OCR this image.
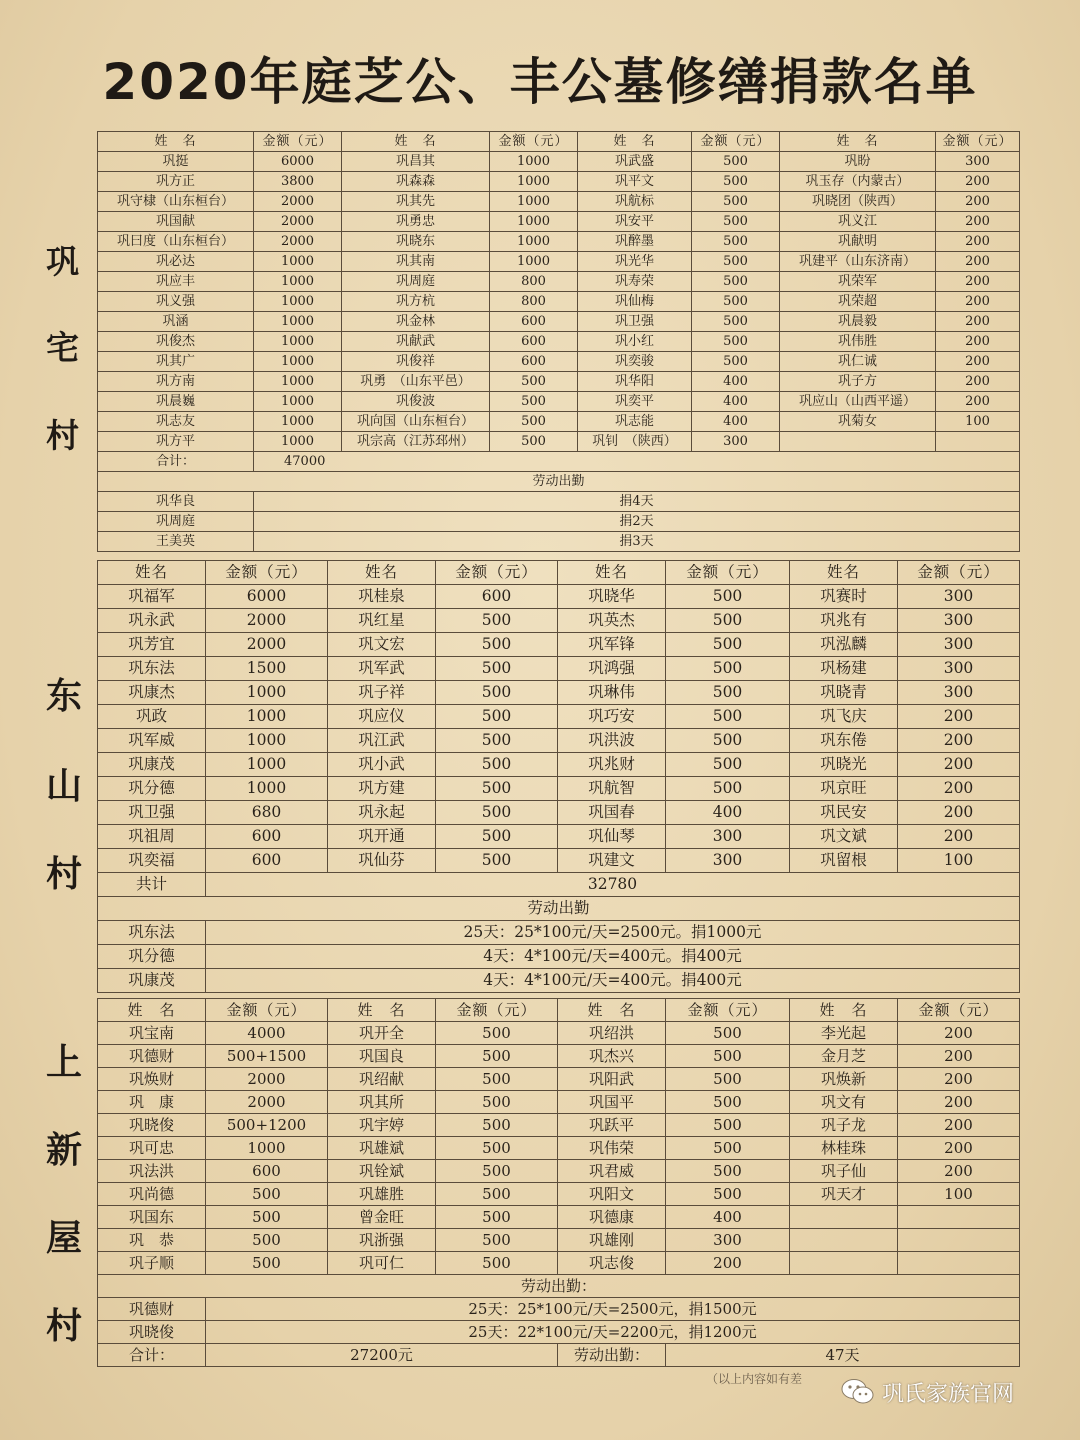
2020年庭芝公、丰公墓修缮捐款名单
巩
宅
村
东
山
村
上
新
屋
村
姓　名	金额（元）	姓　名	金额（元）	姓　名	金额（元）	姓　名	金额（元）
巩挺	6000	巩昌其	1000	巩武盛	500	巩盼	300
巩方正	3800	巩森森	1000	巩平文	500	巩玉存（内蒙古）	200
巩守棣（山东桓台）	2000	巩其先	1000	巩航标	500	巩晓团（陕西）	200
巩国献	2000	巩勇忠	1000	巩安平	500	巩义江	200
巩曰度（山东桓台）	2000	巩晓东	1000	巩醉墨	500	巩献明	200
巩必达	1000	巩其南	1000	巩光华	500	巩建平（山东济南）	200
巩应丰	1000	巩周庭	800	巩寿荣	500	巩荣军	200
巩义强	1000	巩方杭	800	巩仙梅	500	巩荣超	200
巩涵	1000	巩金林	600	巩卫强	500	巩晨毅	200
巩俊杰	1000	巩献武	600	巩小红	500	巩伟胜	200
巩其广	1000	巩俊祥	600	巩奕骏	500	巩仁诚	200
巩方南	1000	巩勇　（山东平邑）	500	巩华阳	400	巩子方	200
巩晨巍	1000	巩俊波	500	巩奕平	400	巩应山（山西平遥）	200
巩志友	1000	巩向国（山东桓台）	500	巩志能	400	巩菊女	100
巩方平	1000	巩宗高（江苏邳州）	500	巩钊　（陕西）	300		
合计：	47000						
劳动出勤							
巩华良	捐4天						
巩周庭	捐2天						
王美英	捐3天						
姓名	金额（元）	姓名	金额（元）	姓名	金额（元）	姓名	金额（元）
巩福军	6000	巩桂泉	600	巩晓华	500	巩赛时	300
巩永武	2000	巩红星	500	巩英杰	500	巩兆有	300
巩芳宜	2000	巩文宏	500	巩军锋	500	巩泓麟	300
巩东法	1500	巩军武	500	巩鸿强	500	巩杨建	300
巩康杰	1000	巩子祥	500	巩琳伟	500	巩晓青	300
巩政	1000	巩应仪	500	巩巧安	500	巩飞庆	200
巩军威	1000	巩江武	500	巩洪波	500	巩东倦	200
巩康茂	1000	巩小武	500	巩兆财	500	巩晓光	200
巩分德	1000	巩方建	500	巩航智	500	巩京旺	200
巩卫强	680	巩永起	500	巩国春	400	巩民安	200
巩祖周	600	巩开通	500	巩仙琴	300	巩文斌	200
巩奕福	600	巩仙芬	500	巩建文	300	巩留根	100
共计	32780						
劳动出勤							
巩东法	25天：25*100元/天=2500元。捐1000元						
巩分德	4天：4*100元/天=400元。捐400元						
巩康茂	4天：4*100元/天=400元。捐400元						
姓　名	金额（元）	姓　名	金额（元）	姓　名	金额（元）	姓　名	金额（元）
巩宝南	4000	巩开全	500	巩绍洪	500	李光起	200
巩德财	500+1500	巩国良	500	巩杰兴	500	金月芝	200
巩焕财	2000	巩绍献	500	巩阳武	500	巩焕新	200
巩　康	2000	巩其所	500	巩国平	500	巩文有	200
巩晓俊	500+1200	巩宇婷	500	巩跃平	500	巩子龙	200
巩可忠	1000	巩雄斌	500	巩伟荣	500	林桂珠	200
巩法洪	600	巩铨斌	500	巩君威	500	巩子仙	200
巩尚德	500	巩雄胜	500	巩阳文	500	巩天才	100
巩国东	500	曾金旺	500	巩德康	400		
巩　恭	500	巩浙强	500	巩雄刚	300		
巩子顺	500	巩可仁	500	巩志俊	200		
劳动出勤：							
巩德财	25天：25*100元/天=2500元，捐1500元						
巩晓俊	25天：22*100元/天=2200元，捐1200元						
合计：	27200元			劳动出勤：	47天		
（以上内容如有差
巩氏家族官网
